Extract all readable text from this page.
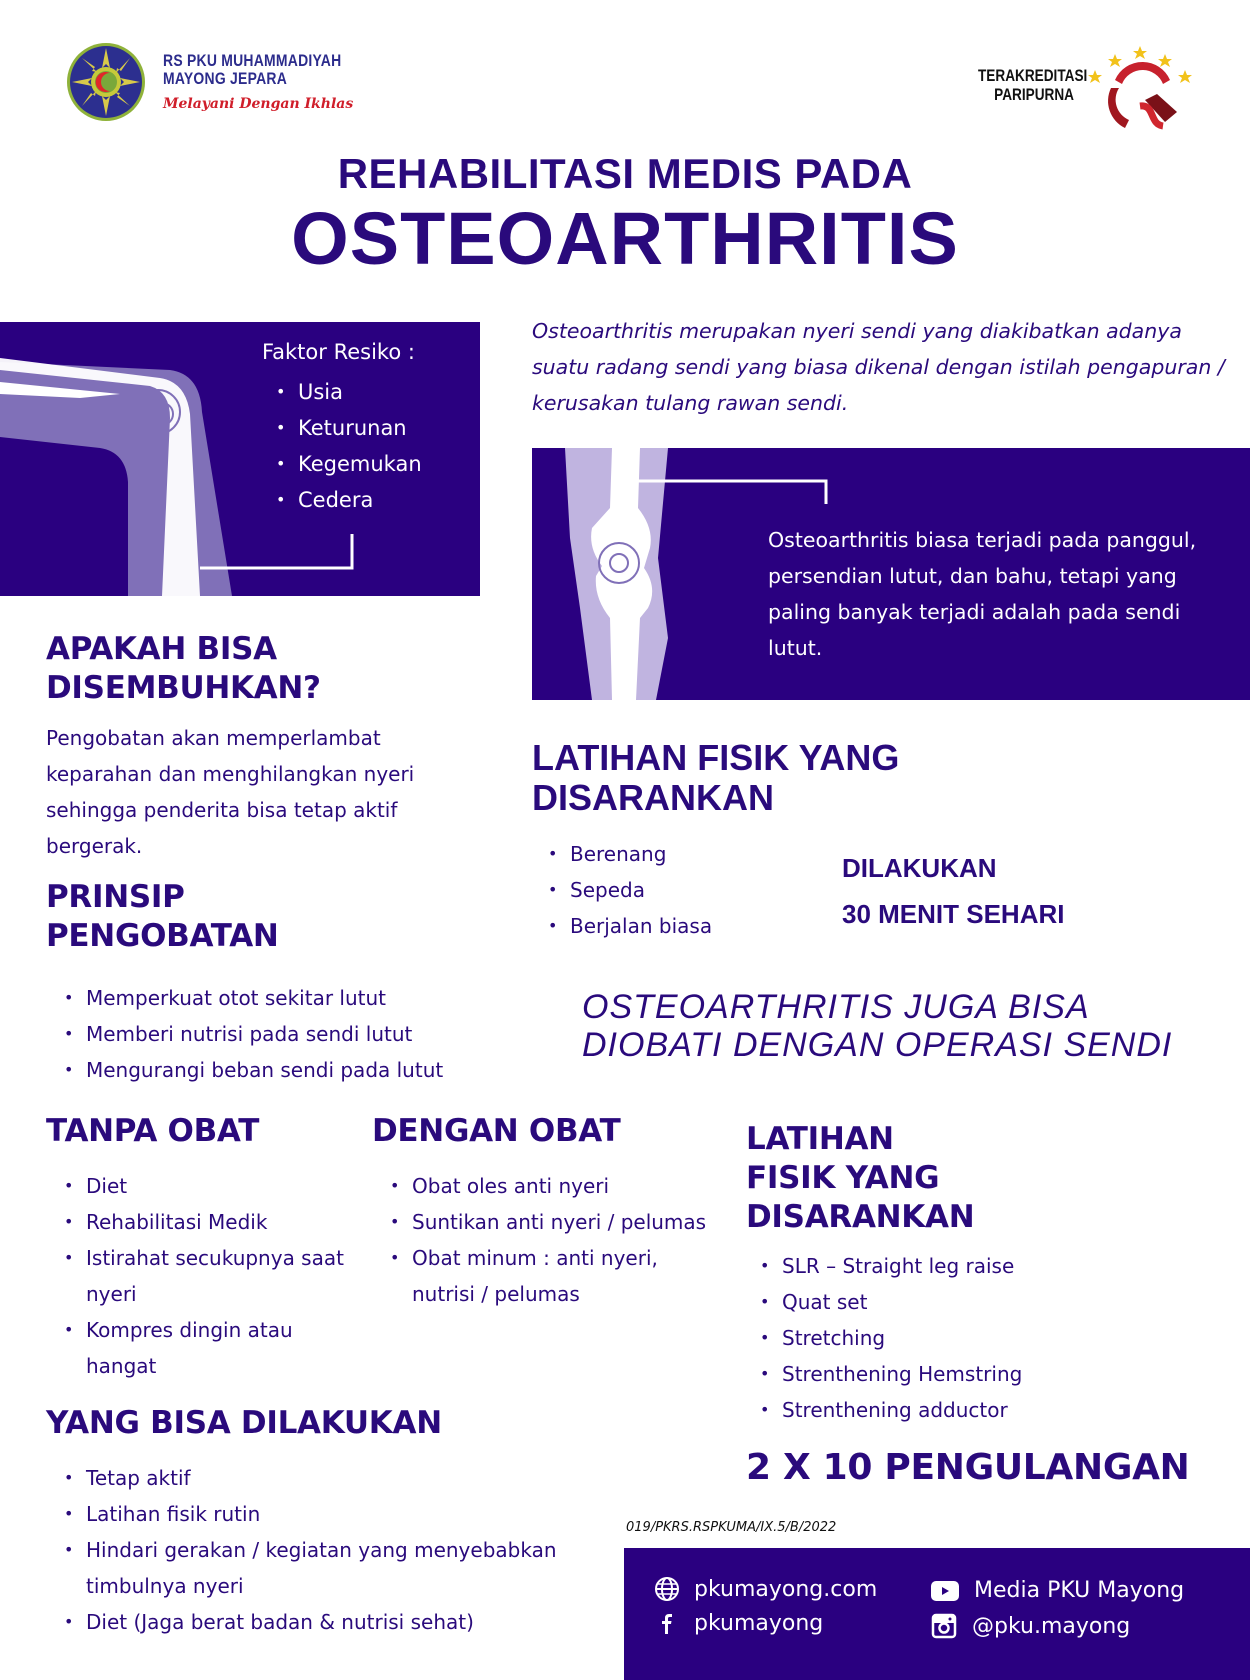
RS PKU MUHAMMADIYAH
MAYONG JEPARA
Melayani Dengan Ikhlas
TERAKREDITASI
PARIPURNA
REHABILITASI MEDIS PADA
OSTEOARTHRITIS
Faktor Resiko :
• Usia
• Keturunan
• Kegemukan
• Cedera
Osteoarthritis merupakan nyeri sendi yang diakibatkan adanya suatu radang sendi yang biasa dikenal dengan istilah pengapuran / kerusakan tulang rawan sendi.
Osteoarthritis biasa terjadi pada panggul, persendian lutut, dan bahu, tetapi yang paling banyak terjadi adalah pada sendi lutut.
APAKAH BISA
DISEMBUHKAN?
Pengobatan akan memperlambat keparahan dan menghilangkan nyeri sehingga penderita bisa tetap aktif bergerak.
PRINSIP
PENGOBATAN
• Memperkuat otot sekitar lutut
• Memberi nutrisi pada sendi lutut
• Mengurangi beban sendi pada lutut
LATIHAN FISIK YANG
DISARANKAN
• Berenang
• Sepeda
• Berjalan biasa
DILAKUKAN
30 MENIT SEHARI
OSTEOARTHRITIS JUGA BISA
DIOBATI DENGAN OPERASI SENDI
TANPA OBAT
• Diet
• Rehabilitasi Medik
• Istirahat secukupnya saat nyeri
• Kompres dingin atau hangat
DENGAN OBAT
• Obat oles anti nyeri
• Suntikan anti nyeri / pelumas
• Obat minum : anti nyeri, nutrisi / pelumas
LATIHAN
FISIK YANG
DISARANKAN
• SLR – Straight leg raise
• Quat set
• Stretching
• Strenthening Hemstring
• Strenthening adductor
2 X 10 PENGULANGAN
YANG BISA DILAKUKAN
• Tetap aktif
• Latihan fisik rutin
• Hindari gerakan / kegiatan yang menyebabkan timbulnya nyeri
• Diet (Jaga berat badan & nutrisi sehat)
019/PKRS.RSPKUMA/IX.5/B/2022
pkumayong.com
pkumayong
Media PKU Mayong
@pku.mayong
